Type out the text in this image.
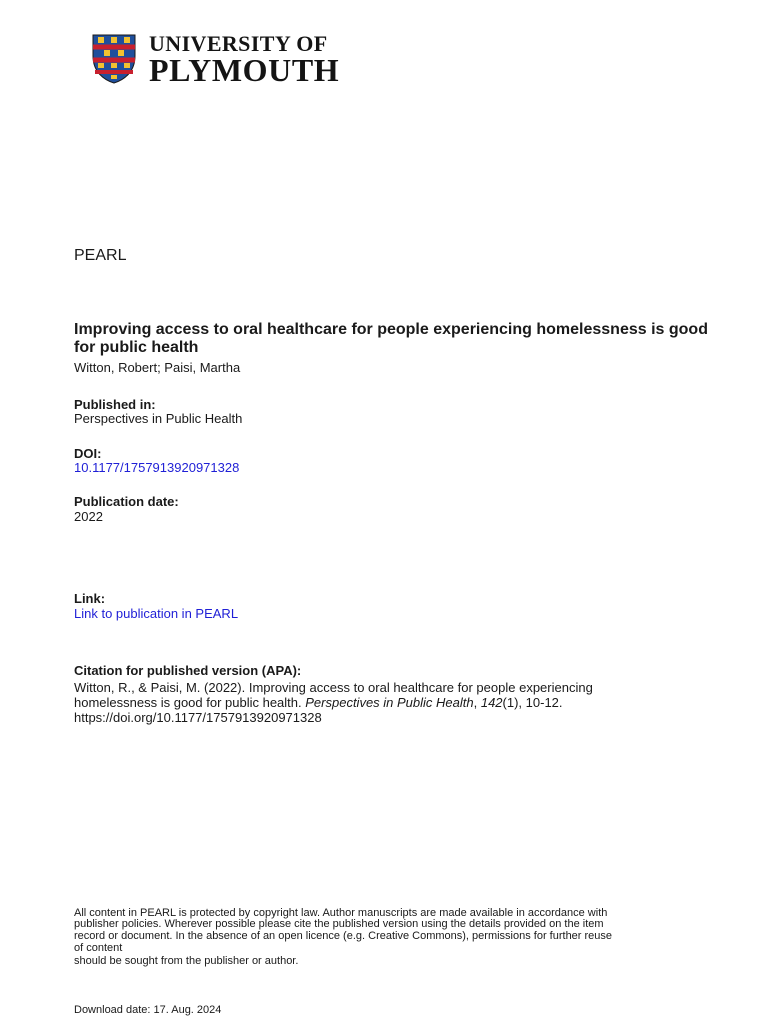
UNIVERSITY OF
PLYMOUTH
PEARL
Improving access to oral healthcare for people experiencing homelessness is good for public health
Witton, Robert; Paisi, Martha
Published in:
Perspectives in Public Health
DOI:
10.1177/1757913920971328
Publication date:
2022
Link:
Link to publication in PEARL
Citation for published version (APA):
Witton, R., & Paisi, M. (2022). Improving access to oral healthcare for people experiencing
homelessness is good for public health. Perspectives in Public Health, 142(1), 10-12.
https://doi.org/10.1177/1757913920971328
All content in PEARL is protected by copyright law. Author manuscripts are made available in accordance with
publisher policies. Wherever possible please cite the published version using the details provided on the item
record or document. In the absence of an open licence (e.g. Creative Commons), permissions for further reuse
of content
should be sought from the publisher or author.
Download date: 17. Aug. 2024
